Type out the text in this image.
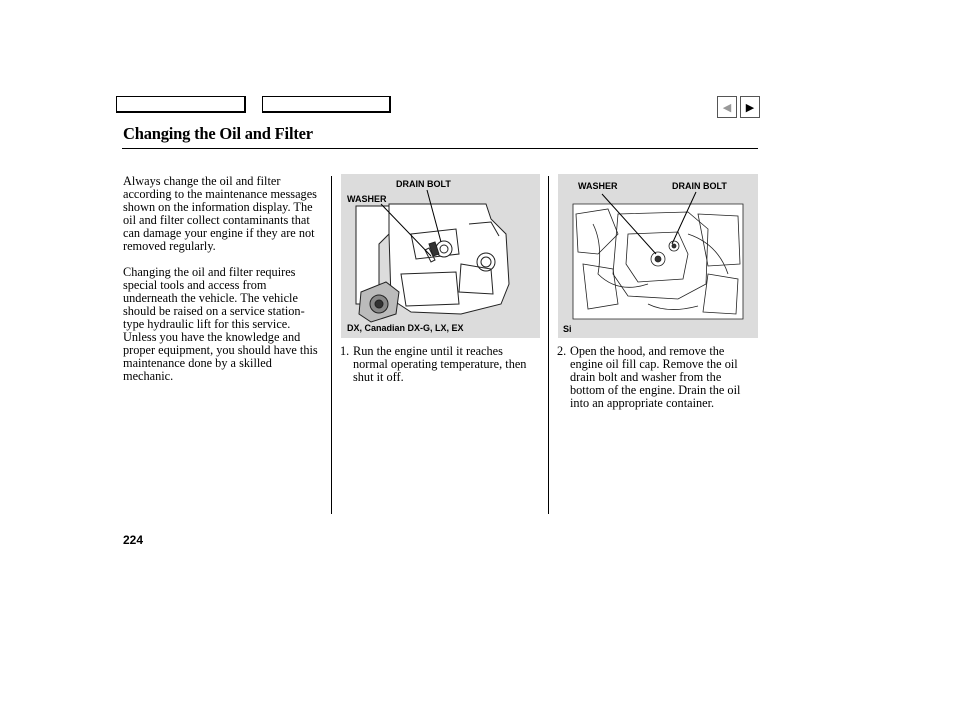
◀ ▶
Changing the Oil and Filter

Always change the oil and filter according to the maintenance messages shown on the information display. The oil and filter collect contaminants that can damage your engine if they are not removed regularly.

Changing the oil and filter requires special tools and access from underneath the vehicle. The vehicle should be raised on a service station-type hydraulic lift for this service. Unless you have the knowledge and proper equipment, you should have this maintenance done by a skilled mechanic.

DRAIN BOLT
WASHER
DX, Canadian DX-G, LX, EX
WASHER	DRAIN BOLT
Si
1. Run the engine until it reaches normal operating temperature, then shut it off.
2. Open the hood, and remove the engine oil fill cap. Remove the oil drain bolt and washer from the bottom of the engine. Drain the oil into an appropriate container.
224
